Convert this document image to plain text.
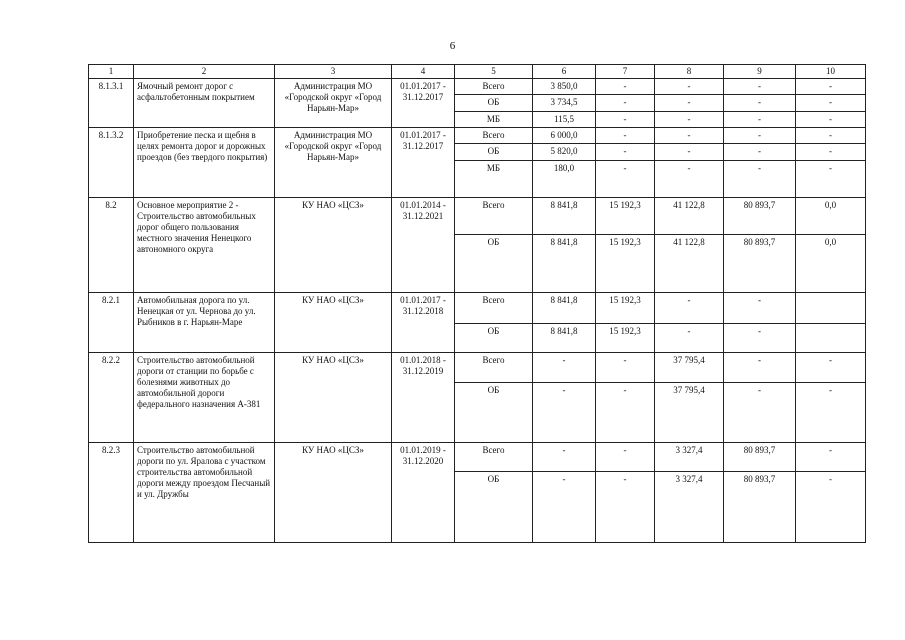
6
1	2	3	4	5	6	7	8	9	10
8.1.3.1	Ямочный ремонт дорог с асфальтобетонным покрытием	Администрация МО «Городской округ «Город Нарьян-Мар»	01.01.2017 - 31.12.2017	Всего	3 850,0	-	-	-	-
				ОБ	3 734,5	-	-	-	-
				МБ	115,5	-	-	-	-
8.1.3.2	Приобретение песка и щебня в целях ремонта дорог и дорожных проездов (без твердого покрытия)	Администрация МО «Городской округ «Город Нарьян-Мар»	01.01.2017 - 31.12.2017	Всего	6 000,0	-	-	-	-
				ОБ	5 820,0	-	-	-	-
				МБ	180,0	-	-	-	-
8.2	Основное мероприятие 2 - Строительство автомобильных дорог общего пользования местного значения Ненецкого автономного округа	КУ НАО «ЦСЗ»	01.01.2014 - 31.12.2021	Всего	8 841,8	15 192,3	41 122,8	80 893,7	0,0
				ОБ	8 841,8	15 192,3	41 122,8	80 893,7	0,0
8.2.1	Автомобильная дорога по ул. Ненецкая от ул. Чернова до ул. Рыбников в г. Нарьян-Маре	КУ НАО «ЦСЗ»	01.01.2017 - 31.12.2018	Всего	8 841,8	15 192,3	-	-	
				ОБ	8 841,8	15 192,3	-	-	
8.2.2	Строительство автомобильной дороги от станции по борьбе с болезнями животных до автомобильной дороги федерального назначения А-381	КУ НАО «ЦСЗ»	01.01.2018 - 31.12.2019	Всего	-	-	37 795,4	-	-
				ОБ	-	-	37 795,4	-	-
8.2.3	Строительство автомобильной дороги по ул. Яралова с участком строительства автомобильной дороги между проездом Песчаный и ул. Дружбы	КУ НАО «ЦСЗ»	01.01.2019 - 31.12.2020	Всего	-	-	3 327,4	80 893,7	-
				ОБ	-	-	3 327,4	80 893,7	-
